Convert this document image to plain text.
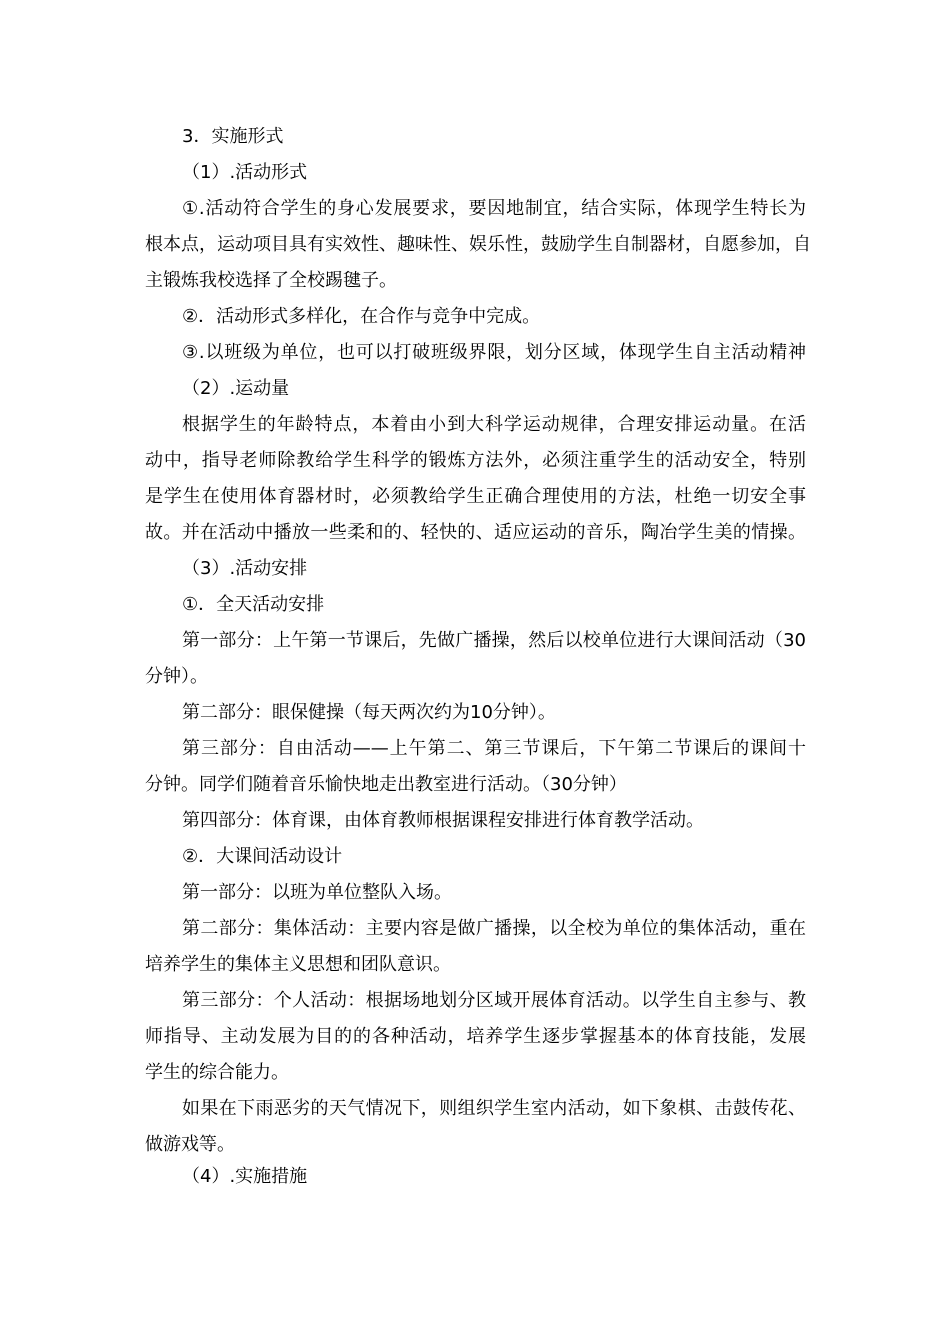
3．实施形式
（1）.活动形式
①.活动符合学生的身心发展要求，要因地制宜，结合实际，体现学生特长为
根本点，运动项目具有实效性、趣味性、娱乐性，鼓励学生自制器材，自愿参加，自
主锻炼我校选择了全校踢毽子。
②．活动形式多样化，在合作与竞争中完成。
③.以班级为单位，也可以打破班级界限，划分区域，体现学生自主活动精神
（2）.运动量
根据学生的年龄特点，本着由小到大科学运动规律，合理安排运动量。在活
动中，指导老师除教给学生科学的锻炼方法外，必须注重学生的活动安全，特别
是学生在使用体育器材时，必须教给学生正确合理使用的方法，杜绝一切安全事
故。并在活动中播放一些柔和的、轻快的、适应运动的音乐，陶冶学生美的情操。
（3）.活动安排
①．全天活动安排
第一部分：上午第一节课后，先做广播操，然后以校单位进行大课间活动（30
分钟）。
第二部分：眼保健操（每天两次约为10分钟）。
第三部分：自由活动——上午第二、第三节课后，下午第二节课后的课间十
分钟。同学们随着音乐愉快地走出教室进行活动。（30分钟）
第四部分：体育课，由体育教师根据课程安排进行体育教学活动。
②．大课间活动设计
第一部分：以班为单位整队入场。
第二部分：集体活动：主要内容是做广播操，以全校为单位的集体活动，重在
培养学生的集体主义思想和团队意识。
第三部分：个人活动：根据场地划分区域开展体育活动。以学生自主参与、教
师指导、主动发展为目的的各种活动，培养学生逐步掌握基本的体育技能，发展
学生的综合能力。
如果在下雨恶劣的天气情况下，则组织学生室内活动，如下象棋、击鼓传花、
做游戏等。
（4）.实施措施
